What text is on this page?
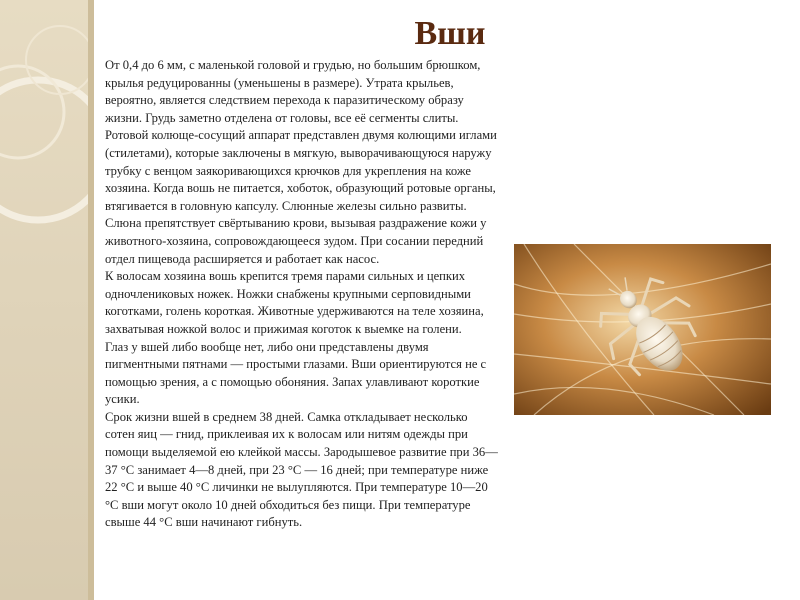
Вши

От 0,4 до 6 мм, с маленькой головой и грудью, но большим брюшком, крылья редуцированны (уменьшены в размере). Утрата крыльев, вероятно, является следствием перехода к паразитическому образу жизни. Грудь заметно отделена от головы, все её сегменты слиты.

Ротовой колюще-сосущий аппарат представлен двумя колющими иглами (стилетами), которые заключены в мягкую, выворачивающуюся наружу трубку с венцом заякоривающихся крючков для укрепления на коже хозяина. Когда вошь не питается, хоботок, образующий ротовые органы, втягивается в головную капсулу. Слюнные железы сильно развиты. Слюна препятствует свёртыванию крови, вызывая раздражение кожи у животного-хозяина, сопровождающееся зудом. При сосании передний отдел пищевода расширяется и работает как насос.

К волосам хозяина вошь крепится тремя парами сильных и цепких одночлениковых ножек. Ножки снабжены крупными серповидными коготками, голень короткая. Животные удерживаются на теле хозяина, захватывая ножкой волос и прижимая коготок к выемке на голени.

Глаз у вшей либо вообще нет, либо они представлены двумя пигментными пятнами — простыми глазами. Вши ориентируются не с помощью зрения, а с помощью обоняния. Запах улавливают короткие усики.

Срок жизни вшей в среднем 38 дней. Самка откладывает несколько сотен яиц — гнид, приклеивая их к волосам или нитям одежды при помощи выделяемой ею клейкой массы. Зародышевое развитие при 36—37 °C занимает 4—8 дней, при 23 °C — 16 дней; при температуре ниже 22 °C и выше 40 °C личинки не вылупляются. При температуре 10—20 °C вши могут около 10 дней обходиться без пищи. При температуре свыше 44 °C вши начинают гибнуть.
